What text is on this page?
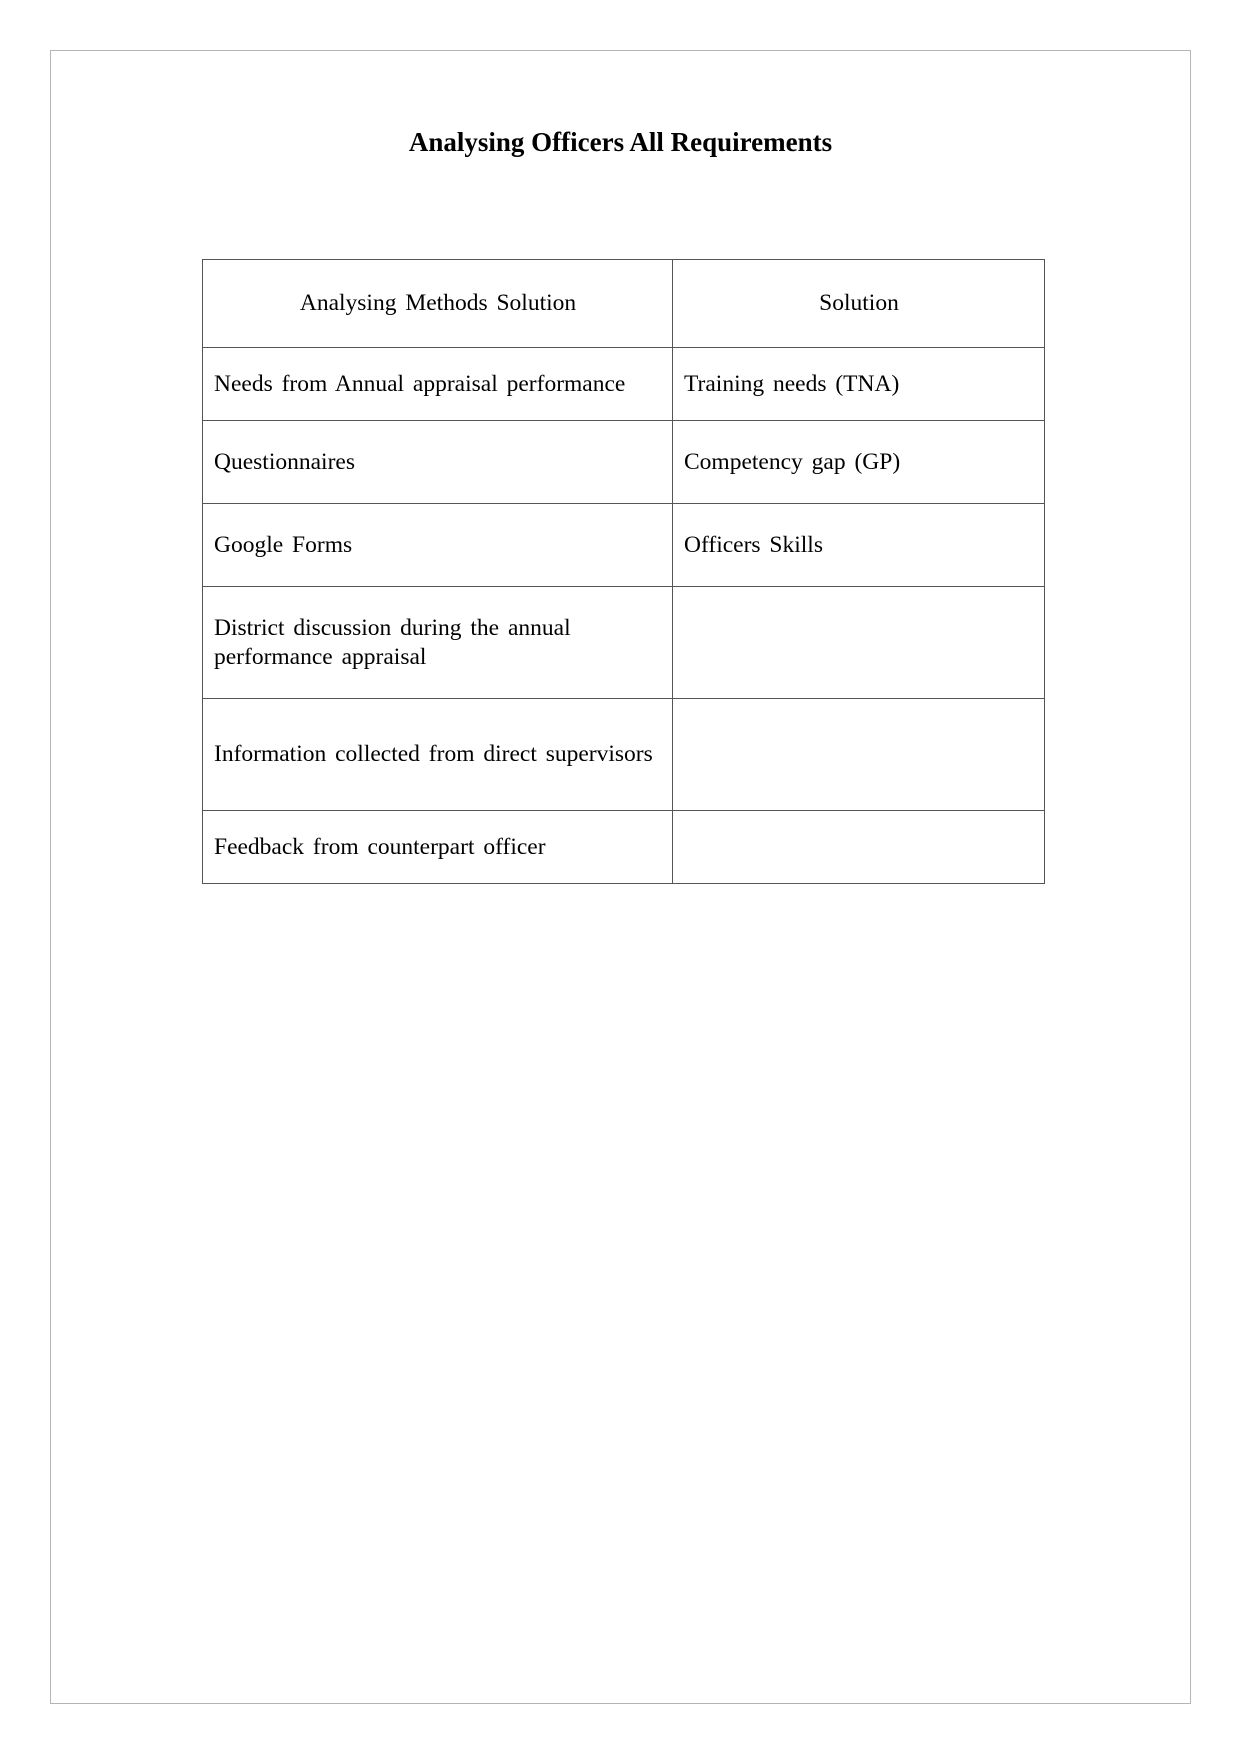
Analysing Officers All Requirements
Analysing Methods Solution	Solution
Needs from Annual appraisal performance	Training needs (TNA)
Questionnaires	Competency gap (GP)
Google Forms	Officers Skills
District discussion during the annual performance appraisal	
Information collected from direct supervisors	
Feedback from counterpart officer	
